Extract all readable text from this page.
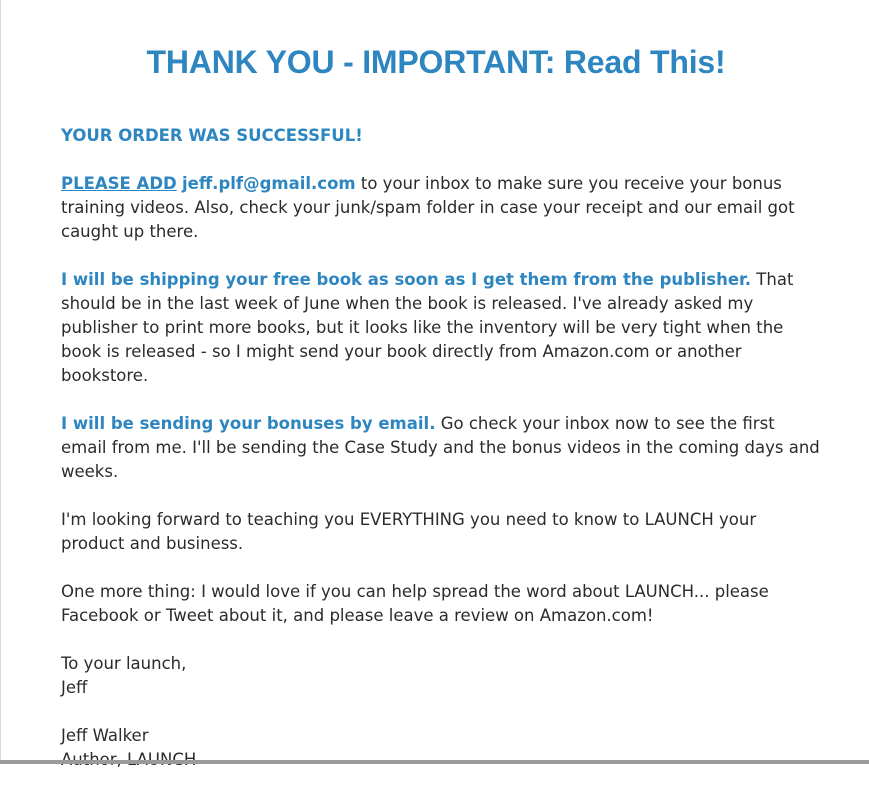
THANK YOU - IMPORTANT: Read This!

YOUR ORDER WAS SUCCESSFUL!

PLEASE ADD jeff.plf@gmail.com to your inbox to make sure you receive your bonus training videos. Also, check your junk/spam folder in case your receipt and our email got caught up there.

I will be shipping your free book as soon as I get them from the publisher. That should be in the last week of June when the book is released. I've already asked my publisher to print more books, but it looks like the inventory will be very tight when the book is released - so I might send your book directly from Amazon.com or another bookstore.

I will be sending your bonuses by email. Go check your inbox now to see the first email from me. I'll be sending the Case Study and the bonus videos in the coming days and weeks.

I'm looking forward to teaching you EVERYTHING you need to know to LAUNCH your product and business.

One more thing: I would love if you can help spread the word about LAUNCH... please Facebook or Tweet about it, and please leave a review on Amazon.com!

To your launch,
Jeff

Jeff Walker
